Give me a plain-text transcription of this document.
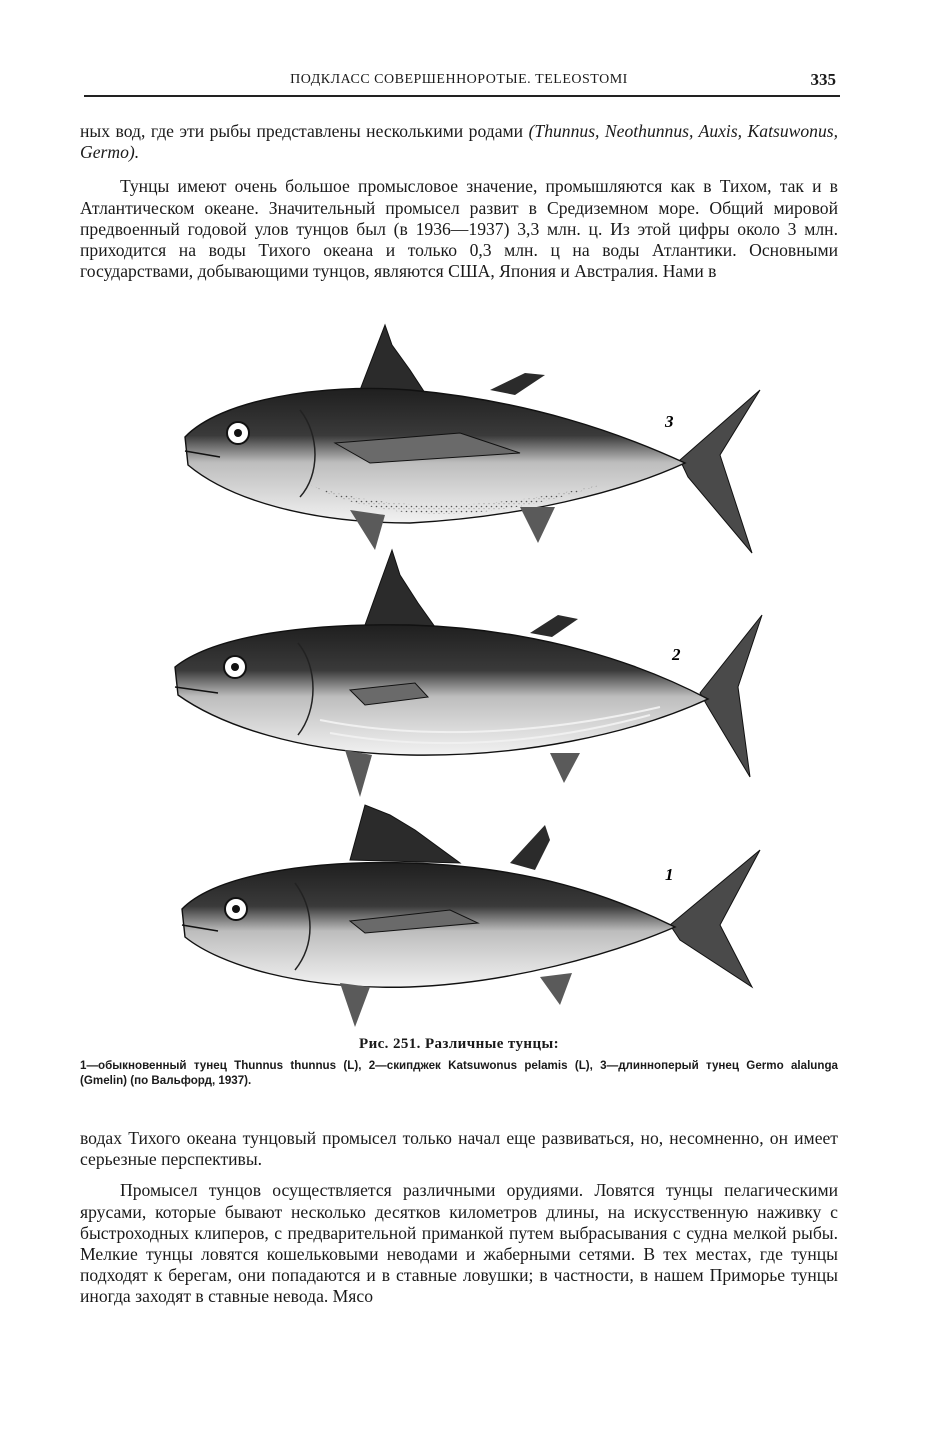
ПОДКЛАСС СОВЕРШЕННОРОТЫЕ. TELEOSTOMI	335

ных вод, где эти рыбы представлены несколькими родами (Thunnus, Neothunnus, Auxis, Katsuwonus, Germo).

Тунцы имеют очень большое промысловое значение, промышляются как в Тихом, так и в Атлантическом океане. Значительный промысел развит в Средиземном море. Общий мировой предвоенный годовой улов тунцов был (в 1936—1937) 3,3 млн. ц. Из этой цифры около 3 млн. приходится на воды Тихого океана и только 0,3 млн. ц на воды Атлантики. Основными государствами, добывающими тунцов, являются США, Япония и Австралия. Нами в

3
2
1
Рис. 251. Различные тунцы:
1—обыкновенный тунец Thunnus thunnus (L), 2—скипджек Katsuwonus pelamis (L), 3—длинноперый тунец Germo alalunga (Gmelin) (по Вальфорд, 1937).

водах Тихого океана тунцовый промысел только начал еще развиваться, но, несомненно, он имеет серьезные перспективы.

Промысел тунцов осуществляется различными орудиями. Ловятся тунцы пелагическими ярусами, которые бывают несколько десятков километров длины, на искусственную наживку с быстроходных клиперов, с предварительной приманкой путем выбрасывания с судна мелкой рыбы. Мелкие тунцы ловятся кошельковыми неводами и жаберными сетями. В тех местах, где тунцы подходят к берегам, они попадаются и в ставные ловушки; в частности, в нашем Приморье тунцы иногда заходят в ставные невода. Мясо
